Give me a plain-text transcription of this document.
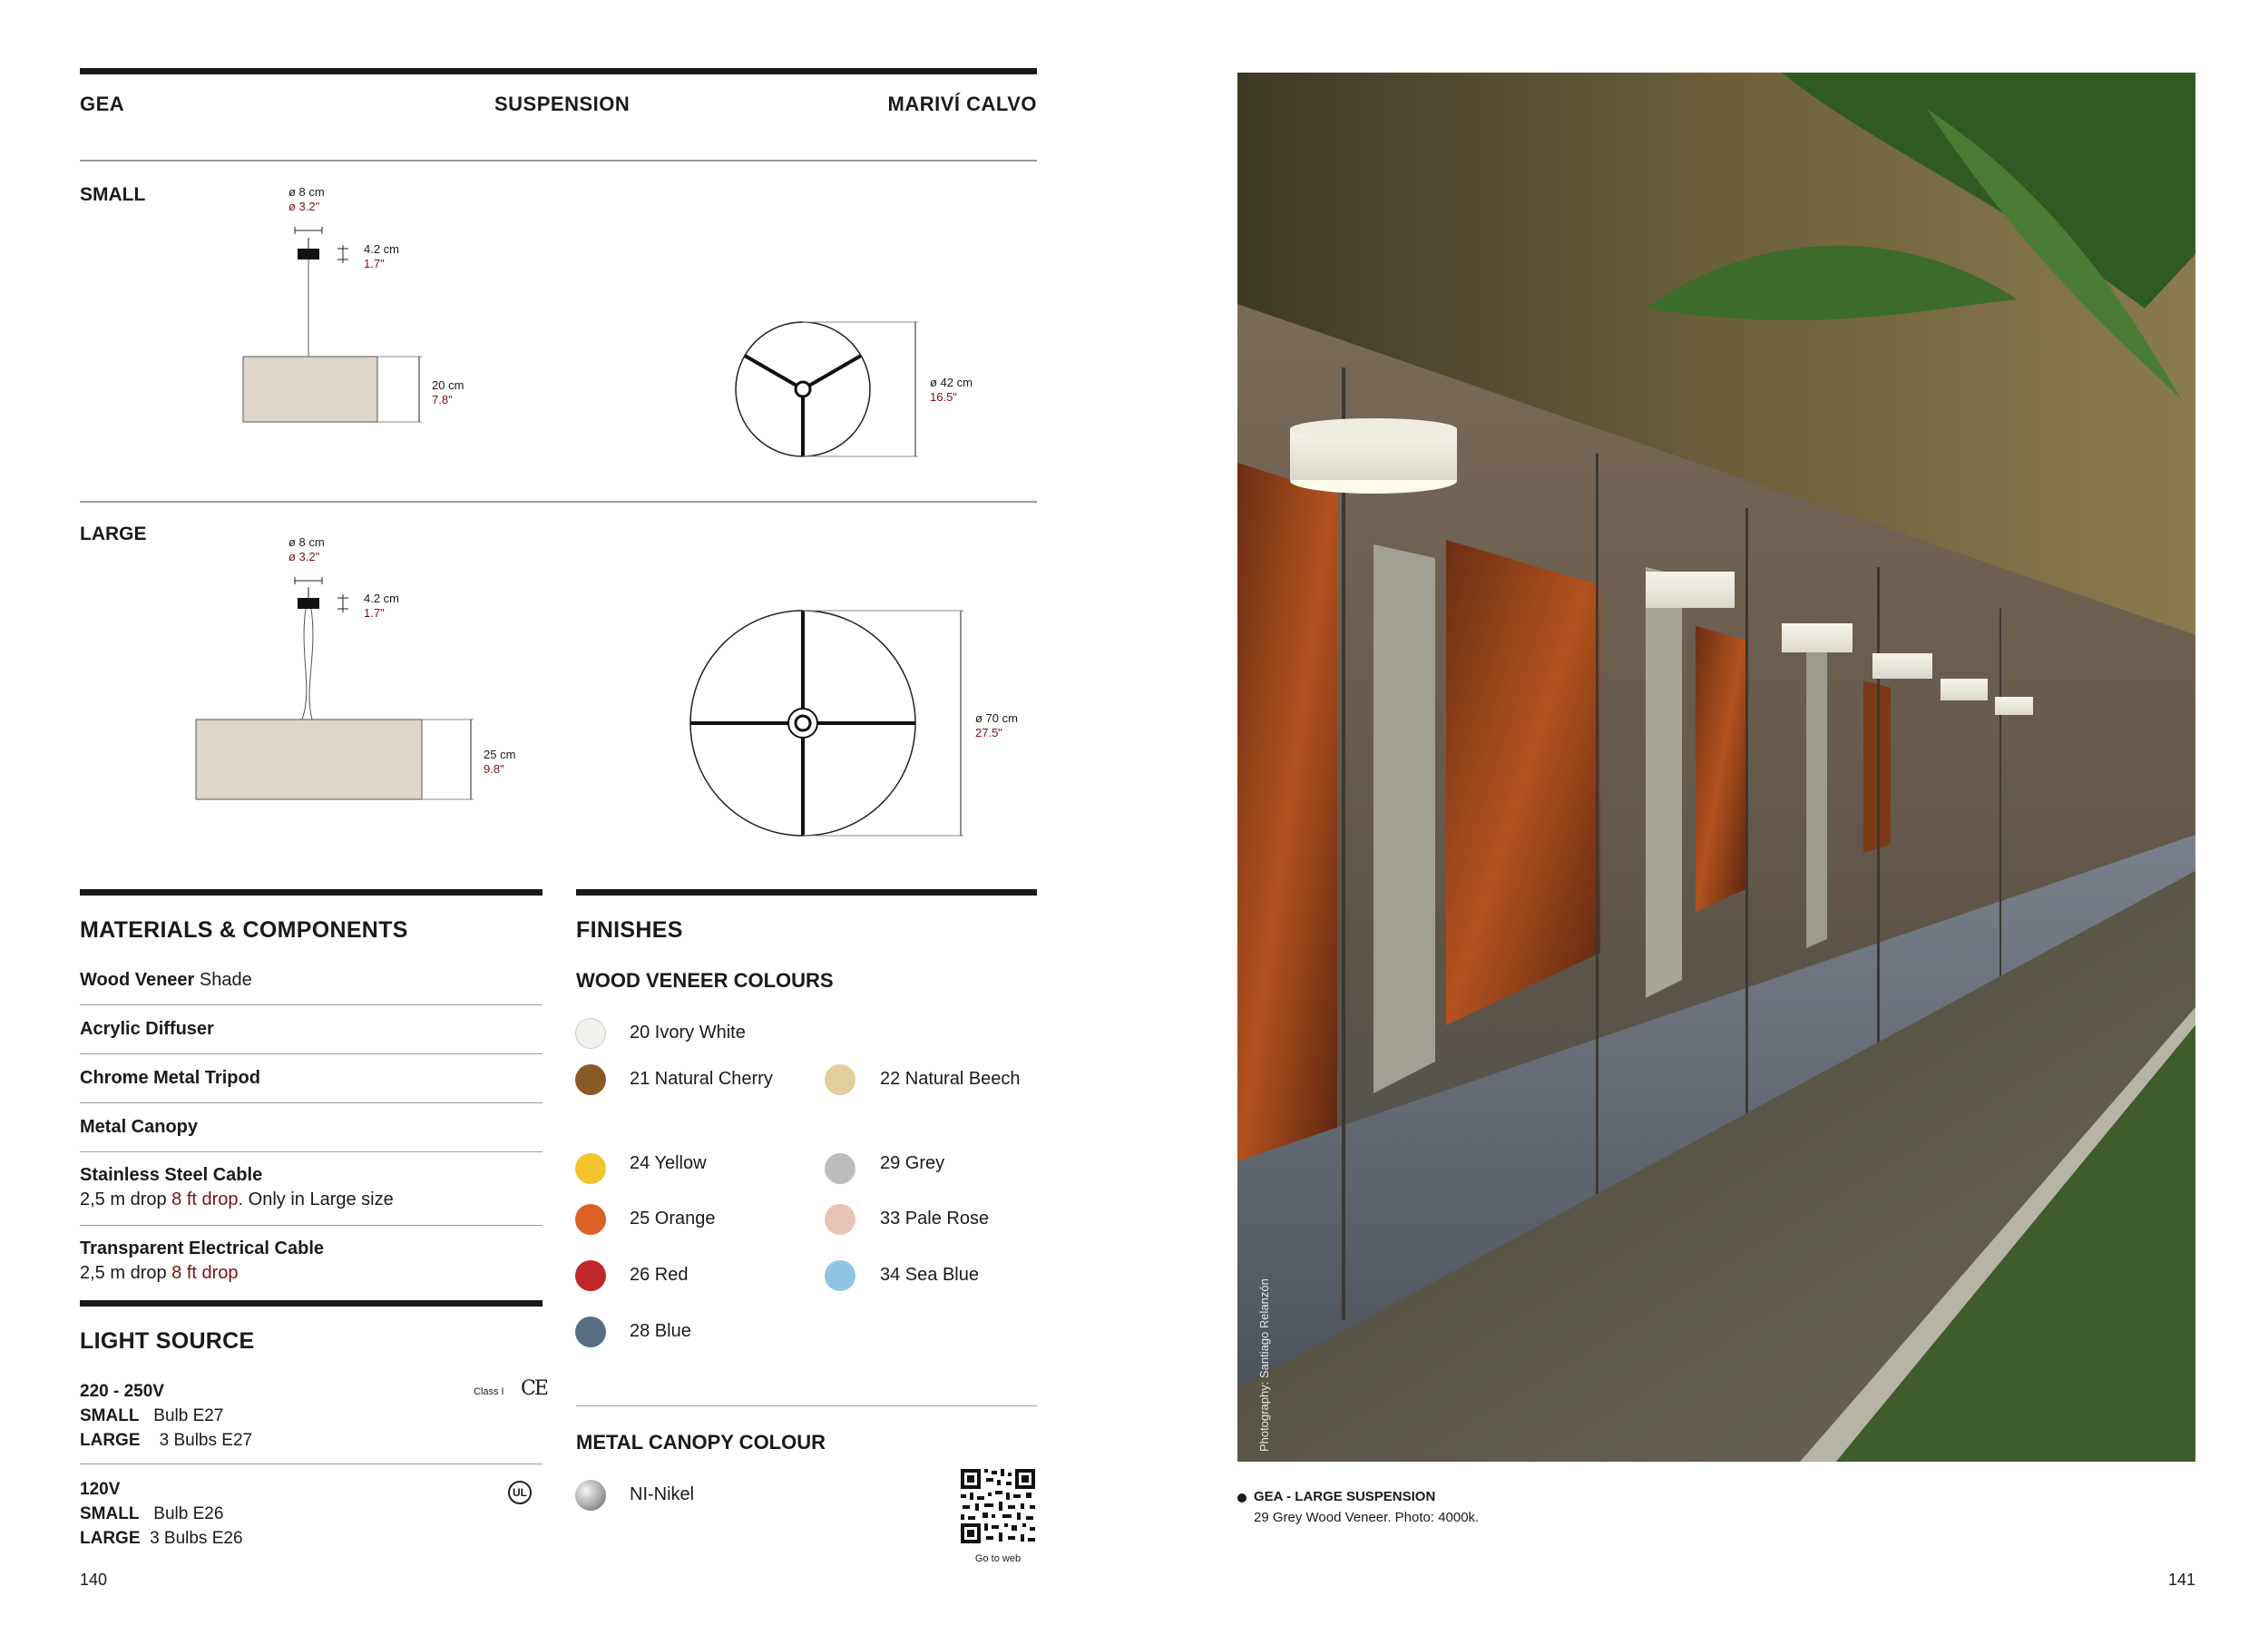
GEA	SUSPENSION	MARIVÍ CALVO
SMALL	ø 8 cm
ø 3.2"
4.2 cm
1.7"
20 cm
7.8"
ø 42 cm
16.5"
LARGE	ø 8 cm
ø 3.2"
4.2 cm
1.7"
25 cm
9.8"
ø 70 cm
27.5"
MATERIALS & COMPONENTS
Wood Veneer Shade
Acrylic Diffuser
Chrome Metal Tripod
Metal Canopy
Stainless Steel Cable
2,5 m drop 8 ft drop. Only in Large size
Transparent Electrical Cable
2,5 m drop 8 ft drop
LIGHT SOURCE
220 - 250V
SMALL Bulb E27
LARGE 3 Bulbs E27
Class I CE
120V
SMALL Bulb E26
LARGE 3 Bulbs E26
UL
140
FINISHES
WOOD VENEER COLOURS
20 Ivory White
21 Natural Cherry	22 Natural Beech
24 Yellow	29 Grey
25 Orange	33 Pale Rose
26 Red	34 Sea Blue
28 Blue
METAL CANOPY COLOUR
NI-Nikel
Go to web
Photography: Santiago Relanzón
GEA - LARGE SUSPENSION
29 Grey Wood Veneer. Photo: 4000k.
141
